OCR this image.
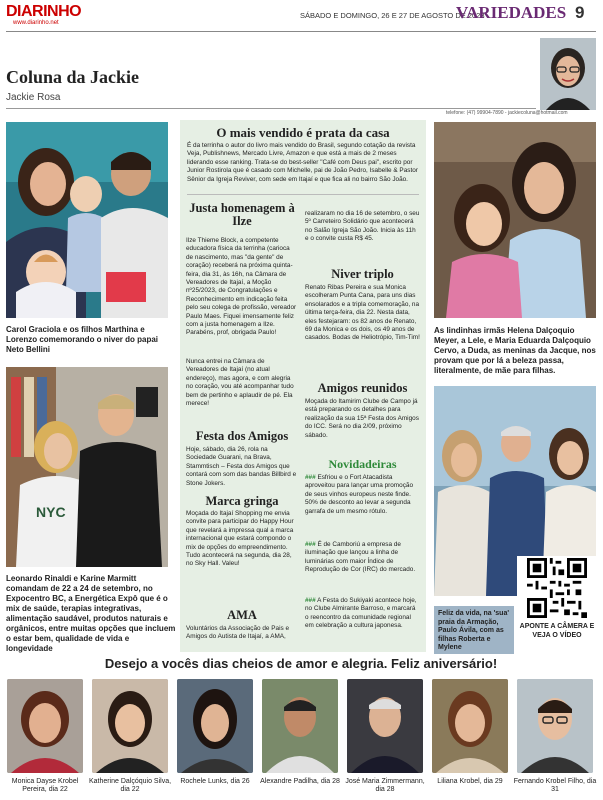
DIARINHO
www.diarinho.net
SÁBADO E DOMINGO, 26 E 27 DE AGOSTO DE 2023
VARIEDADES 9
Coluna da Jackie
Jackie Rosa
telefone: (47) 99904-7890 - jackiecoluna@hotmail.com
Carol Graciola e os filhos Marthina e Lorenzo comemorando o niver do papai Neto Bellini
NYC
Leonardo Rinaldi e Karine Marmitt comandam de 22 a 24 de setembro, no Expocentro BC, a Energética Expô que é o mix de saúde, terapias integrativas, alimentação saudável, produtos naturais e orgânicos, entre muitas opções que incluem o estar bem, qualidade de vida e longevidade
O mais vendido é prata da casa
É da terrinha o autor do livro mais vendido do Brasil, segundo cotação da revista Veja, Publishnews, Mercado Livre, Amazon e que está a mais de 2 meses liderando esse ranking. Trata-se do best-seller "Café com Deus pai", escrito por Junior Rostirola que é casado com Michelle, pai de João Pedro, Isabelle & Pastor Sênior da Igreja Reviver, com sede em Itajaí e que fica ali no bairro São João.
Justa homenagem à Ilze
Ilze Thieme Block, a competente educadora física da terrinha (carioca de nascimento, mas "da gente" de coração) receberá na próxima quinta-feira, dia 31, às 16h, na Câmara de Vereadores de Itajaí, a Moção nº25/2023, de Congratulações e Reconhecimento em indicação feita pelo seu colega de profissão, vereador Paulo Maes. Fiquei imensamente feliz com a justa homenagem a Ilze. Parabéns, prof, obrigada Paulo!
Nunca entrei na Câmara de Vereadores de Itajaí (no atual endereço), mas agora, e com alegria no coração, vou até acompanhar tudo bem de pertinho e aplaudir de pé. Ela merece!
Festa dos Amigos
Hoje, sábado, dia 26, rola na Sociedade Guarani, na Brava, Stammtisch – Festa dos Amigos que contará com som das bandas Billbird e Stone Jokers.
Marca gringa
Moçada do Itajaí Shopping me envia convite para participar do Happy Hour que revelará a impressa qual a marca internacional que estará compondo o mix de opções do empreendimento. Tudo acontecerá na segunda, dia 28, no Sky Hall. Valeu!
AMA
Voluntários da Associação de Pais e Amigos do Autista de Itajaí, a AMA,
realizaram no dia 16 de setembro, o seu 5º Carreteiro Solidário que acontecerá no Salão Igreja São João. Inicia às 11h e o convite custa R$ 45.
Niver triplo
Renato Ribas Pereira e sua Monica escolheram Punta Cana, para uns dias ensolarados e a tripla comemoração, na última terça-feira, dia 22. Nesta data, eles festejaram: os 82 anos de Renato, 69 da Monica e os dois, os 49 anos de casados. Bodas de Heliotrópio, Tim-Tim!
Amigos reunidos
Moçada do Itamirim Clube de Campo já está preparando os detalhes para realização da sua 15ª Festa dos Amigos do ICC. Será no dia 2/09, próximo sábado.
Novidadeiras
### Esfriou e o Fort Atacadista aproveitou para lançar uma promoção de seus vinhos europeus neste finde. 50% de desconto ao levar a segunda garrafa de um mesmo rótulo.
### É de Camboriú a empresa de iluminação que lançou a linha de luminárias com maior Índice de Reprodução de Cor (IRC) do mercado.
### A Festa do Sukiyaki acontece hoje, no Clube Almirante Barroso, e marcará o reencontro da comunidade regional em celebração a cultura japonesa.
As lindinhas irmãs Helena Dalçoquio Meyer, a Lele, e Maria Eduarda Dalçoquio Cervo, a Duda, as meninas da Jacque, nos provam que por lá a beleza passa, literalmente, de mãe para filhas.
Feliz da vida, na 'sua' praia da Armação, Paulo Ávila, com as filhas Roberta e Mylene
APONTE A CÂMERA E VEJA O VÍDEO
Desejo a vocês dias cheios de amor e alegria. Feliz aniversário!
Monica Dayse Krobel Pereira, dia 22
Katherine Dalçóquio Silva, dia 22
Rochele Lunks, dia 26	Alexandre Padilha, dia 28 José Maria Zimmermann, dia 28
Liliana Krobel, dia 29	Fernando Krobel Filho, dia 31
